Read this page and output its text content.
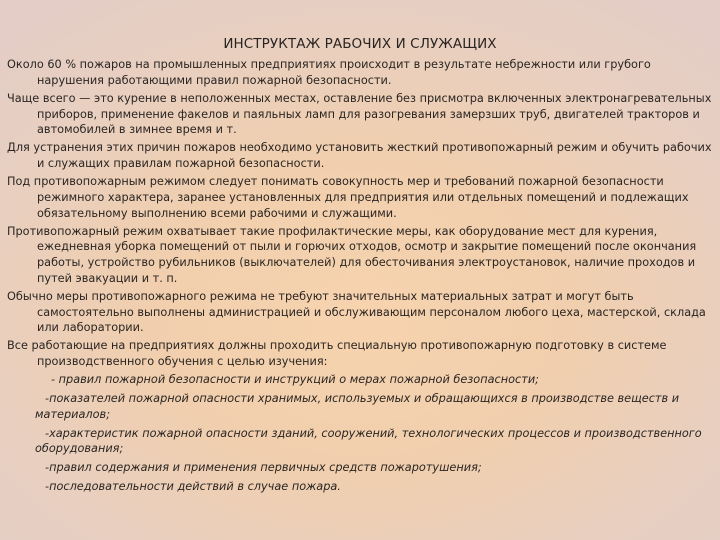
ИНСТРУКТАЖ РАБОЧИХ И СЛУЖАЩИХ

Около 60 % пожаров на промышленных предприятиях происходит в результате небрежности или грубого нарушения работающими правил пожарной безопасности.

Чаще всего — это курение в неположенных местах, оставление без присмотра включенных электронагревательных приборов, применение факелов и паяльных ламп для разогревания замерзших труб, двигателей тракторов и автомобилей в зимнее время и т.

Для устранения этих причин пожаров необходимо установить жесткий противопожарный режим и обучить рабочих и служащих правилам пожарной безопасности.

Под противопожарным режимом следует понимать совокупность мер и требований пожарной безопасности режимного характера, заранее установленных для предприятия или отдельных помещений и подлежащих обязательному выполнению всеми рабочими и служащими.

Противопожарный режим охватывает такие профилактические меры, как оборудование мест для курения, ежедневная уборка помещений от пыли и горючих отходов, осмотр и закрытие помещений после окончания работы, устройство рубильников (выключателей) для обесточивания электроустановок, наличие проходов и путей эвакуации и т. п.

Обычно меры противопожарного режима не требуют значительных материальных затрат и могут быть самостоятельно выполнены администрацией и обслуживающим персоналом любого цеха, мастерской, склада или лаборатории.

Все работающие на предприятиях должны проходить специальную противопожарную подготовку в системе производственного обучения с целью изучения:

- правил пожарной безопасности и инструкций о мерах пожарной безопасности;

-показателей пожарной опасности хранимых, используемых и обращающихся в производстве веществ и материалов;

-характеристик пожарной опасности зданий, сооружений, технологических процессов и производственного оборудования;

-правил содержания и применения первичных средств пожаротушения;

-последовательности действий в случае пожара.
